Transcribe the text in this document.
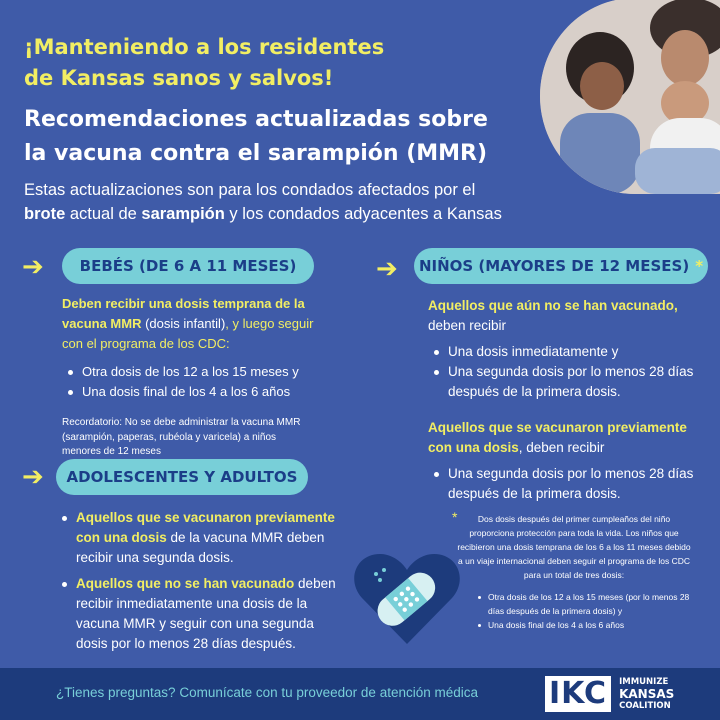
¡Manteniendo a los residentes
de Kansas sanos y salvos!
Recomendaciones actualizadas sobre
la vacuna contra el sarampión (MMR)
Estas actualizaciones son para los condados afectados por el
brote actual de sarampión y los condados adyacentes a Kansas
➔ BEBÉS (DE 6 A 11 MESES)
Deben recibir una dosis temprana de la vacuna MMR (dosis infantil), y luego seguir con el programa de los CDC:
Otra dosis de los 12 a los 15 meses y
Una dosis final de los 4 a los 6 años
Recordatorio: No se debe administrar la vacuna MMR (sarampión, paperas, rubéola y varicela) a niños menores de 12 meses
➔ ADOLESCENTES Y ADULTOS
Aquellos que se vacunaron previamente con una dosis de la vacuna MMR deben recibir una segunda dosis.
Aquellos que no se han vacunado deben recibir inmediatamente una dosis de la vacuna MMR y seguir con una segunda dosis por lo menos 28 días después.
➔ NIÑOS (MAYORES DE 12 MESES) *
Aquellos que aún no se han vacunado,
deben recibir
Una dosis inmediatamente y
Una segunda dosis por lo menos 28 días después de la primera dosis.
Aquellos que se vacunaron previamente con una dosis, deben recibir
Una segunda dosis por lo menos 28 días después de la primera dosis.
*	Dos dosis después del primer cumpleaños del niño proporciona protección para toda la vida. Los niños que recibieron una dosis temprana de los 6 a los 11 meses debido a un viaje internacional deben seguir el programa de los CDC para un total de tres dosis:
Otra dosis de los 12 a los 15 meses (por lo menos 28 días después de la primera dosis) y
Una dosis final de los 4 a los 6 años
¿Tienes preguntas? Comunícate con tu proveedor de atención médica IKC	IMMUNIZE
KANSAS
COALITION
